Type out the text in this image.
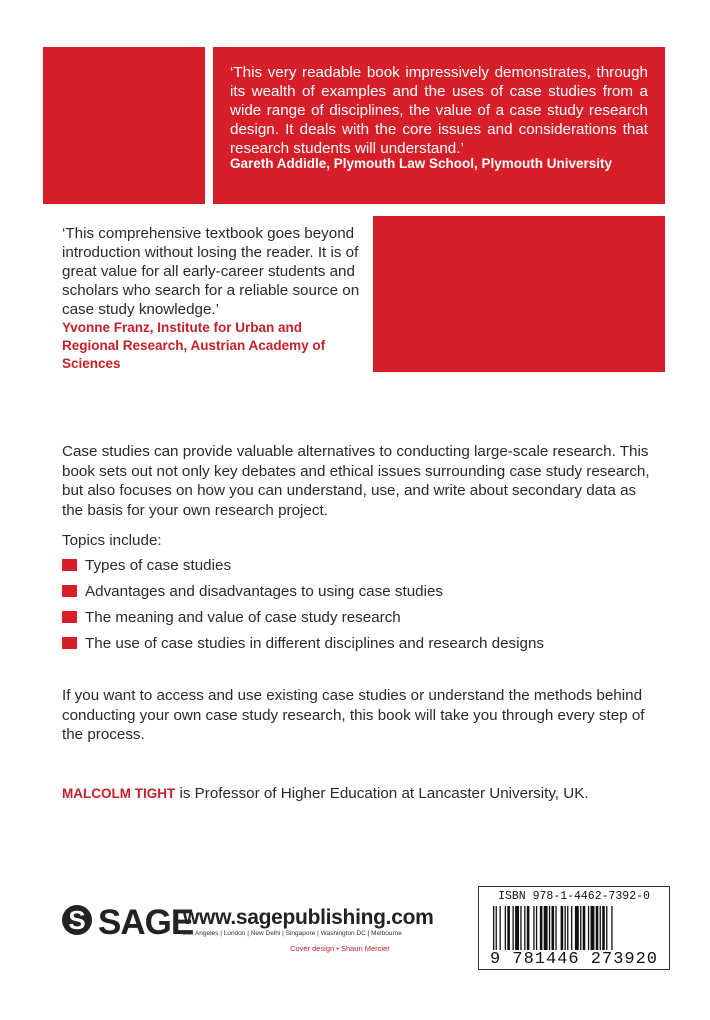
‘This very readable book impressively demonstrates, through its wealth of examples and the uses of case studies from a wide range of disciplines, the value of a case study research design. It deals with the core issues and considerations that research students will understand.’
Gareth Addidle, Plymouth Law School, Plymouth University
‘This comprehensive textbook goes beyond introduction without losing the reader. It is of great value for all early-career students and scholars who search for a reliable source on case study knowledge.’
Yvonne Franz, Institute for Urban and Regional Research, Austrian Academy of Sciences
Case studies can provide valuable alternatives to conducting large-scale research. This book sets out not only key debates and ethical issues surrounding case study research, but also focuses on how you can understand, use, and write about secondary data as the basis for your own research project.
Topics include:
Types of case studies
Advantages and disadvantages to using case studies
The meaning and value of case study research
The use of case studies in different disciplines and research designs
If you want to access and use existing case studies or understand the methods behind conducting your own case study research, this book will take you through every step of the process.
MALCOLM TIGHT is Professor of Higher Education at Lancaster University, UK.
S SAGE
www.sagepublishing.com
Los Angeles | London | New Delhi | Singapore | Washington DC | Melbourne
Cover design • Shaun Mercier
ISBN 978-1-4462-7392-0
9 781446 273920
